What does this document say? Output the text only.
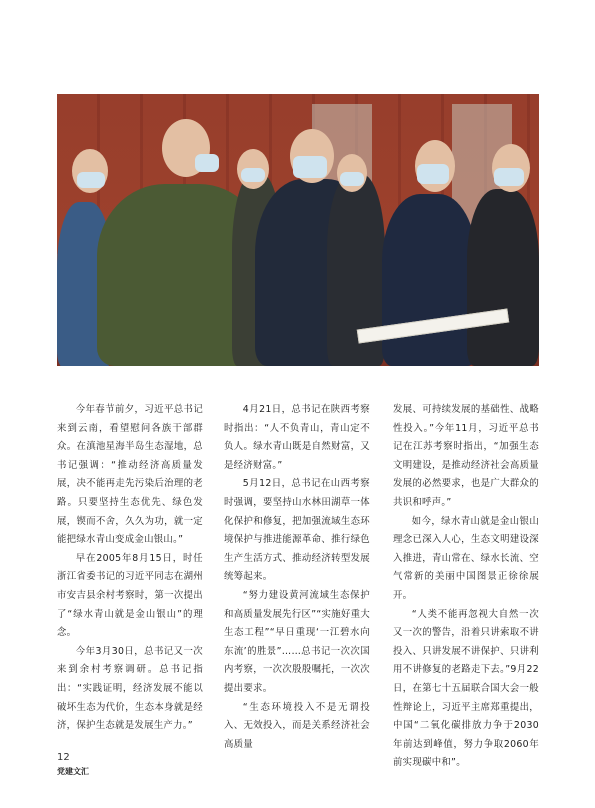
今年春节前夕，习近平总书记来到云南，看望慰问各族干部群众。在滇池星海半岛生态湿地，总书记强调：“推动经济高质量发展，决不能再走先污染后治理的老路。只要坚持生态优先、绿色发展，锲而不舍，久久为功，就一定能把绿水青山变成金山银山。”

早在2005年8月15日，时任浙江省委书记的习近平同志在湖州市安吉县余村考察时，第一次提出了“绿水青山就是金山银山”的理念。

今年3月30日，总书记又一次来到余村考察调研。总书记指出：“实践证明，经济发展不能以破坏生态为代价，生态本身就是经济，保护生态就是发展生产力。”

4月21日，总书记在陕西考察时指出：“人不负青山，青山定不负人。绿水青山既是自然财富，又是经济财富。”

5月12日，总书记在山西考察时强调，要坚持山水林田湖草一体化保护和修复，把加强流域生态环境保护与推进能源革命、推行绿色生产生活方式、推动经济转型发展统筹起来。

“努力建设黄河流域生态保护和高质量发展先行区”“实施好重大生态工程”“早日重现‘一江碧水向东流’的胜景”……总书记一次次国内考察，一次次殷殷嘱托，一次次提出要求。

“生态环境投入不是无谓投入、无效投入，而是关系经济社会高质量

发展、可持续发展的基础性、战略性投入。”今年11月，习近平总书记在江苏考察时指出，“加强生态文明建设，是推动经济社会高质量发展的必然要求，也是广大群众的共识和呼声。”

如今，绿水青山就是金山银山理念已深入人心，生态文明建设深入推进，青山常在、绿水长流、空气常新的美丽中国图景正徐徐展开。

“人类不能再忽视大自然一次又一次的警告，沿着只讲索取不讲投入、只讲发展不讲保护、只讲利用不讲修复的老路走下去。”9月22日，在第七十五届联合国大会一般性辩论上，习近平主席郑重提出，中国“二氧化碳排放力争于2030年前达到峰值，努力争取2060年前实现碳中和”。

12
党建文汇
